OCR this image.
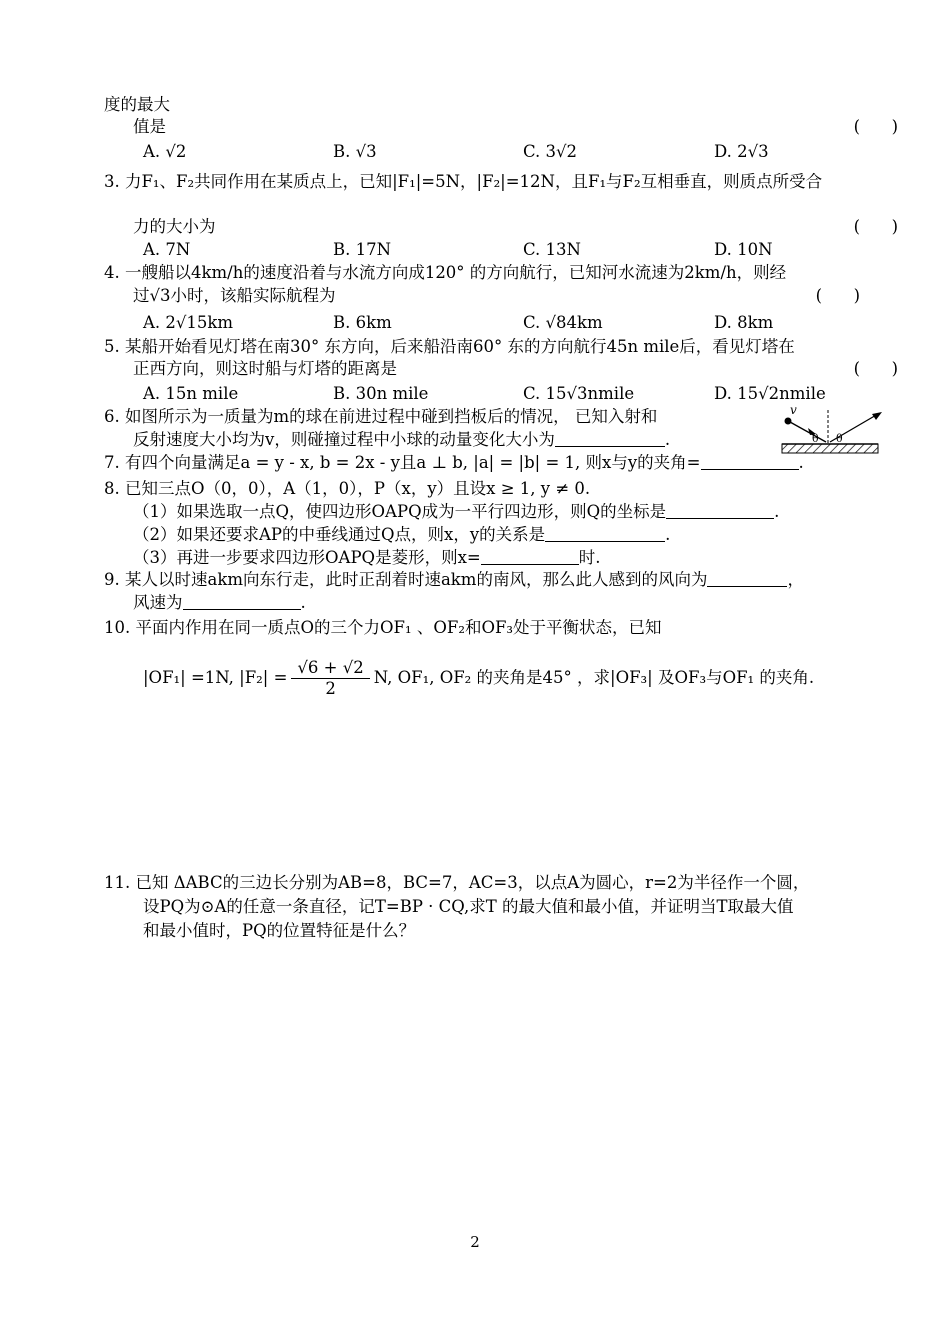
度的最大
值是	(      )
A. √2	B. √3	C. 3√2	D. 2√3
3. 力F₁、F₂共同作用在某质点上，已知|F₁|=5N，|F₂|=12N，且F₁与F₂互相垂直，则质点所受合
力的大小为	(      )
A. 7N	B. 17N	C. 13N	D. 10N
4. 一艘船以4km/h的速度沿着与水流方向成120° 的方向航行，已知河水流速为2km/h，则经
过√3小时，该船实际航程为	(      )
A. 2√15km	B. 6km	C. √84km	D. 8km
5. 某船开始看见灯塔在南30° 东方向，后来船沿南60° 东的方向航行45n mile后，看见灯塔在
正西方向，则这时船与灯塔的距离是	(      )
A. 15n mile	B. 30n mile	C. 15√3nmile	D. 15√2nmile
6. 如图所示为一质量为m的球在前进过程中碰到挡板后的情况， 已知入射和
反射速度大小均为v，则碰撞过程中小球的动量变化大小为	.
v
θ θ
7. 有四个向量满足a = y - x, b = 2x - y且a ⊥ b, |a| = |b| = 1, 则x与y的夹角=	.
8. 已知三点O（0，0），A（1，0），P（x，y）且设x ≥ 1, y ≠ 0.
（1）如果选取一点Q，使四边形OAPQ成为一平行四边形，则Q的坐标是	.
（2）如果还要求AP的中垂线通过Q点，则x，y的关系是	.
（3）再进一步要求四边形OAPQ是菱形，则x=	时.
9. 某人以时速akm向东行走，此时正刮着时速akm的南风，那么此人感到的风向为	，
风速为	.
10. 平面内作用在同一质点O的三个力OF₁ 、OF₂和OF₃处于平衡状态，已知
|OF₁| =1N, $|F_2| = \frac{√6 + √2}{2} N$, OF₁, OF₂ 的夹角是45° ，求|OF₃| 及OF₃与OF₁ 的夹角.
11. 已知 ΔABC的三边长分别为AB=8，BC=7，AC=3，以点A为圆心，r=2为半径作一个圆，
设PQ为⊙A的任意一条直径，记T=BP · CQ,求T 的最大值和最小值，并证明当T取最大值
和最小值时，PQ的位置特征是什么？
2
